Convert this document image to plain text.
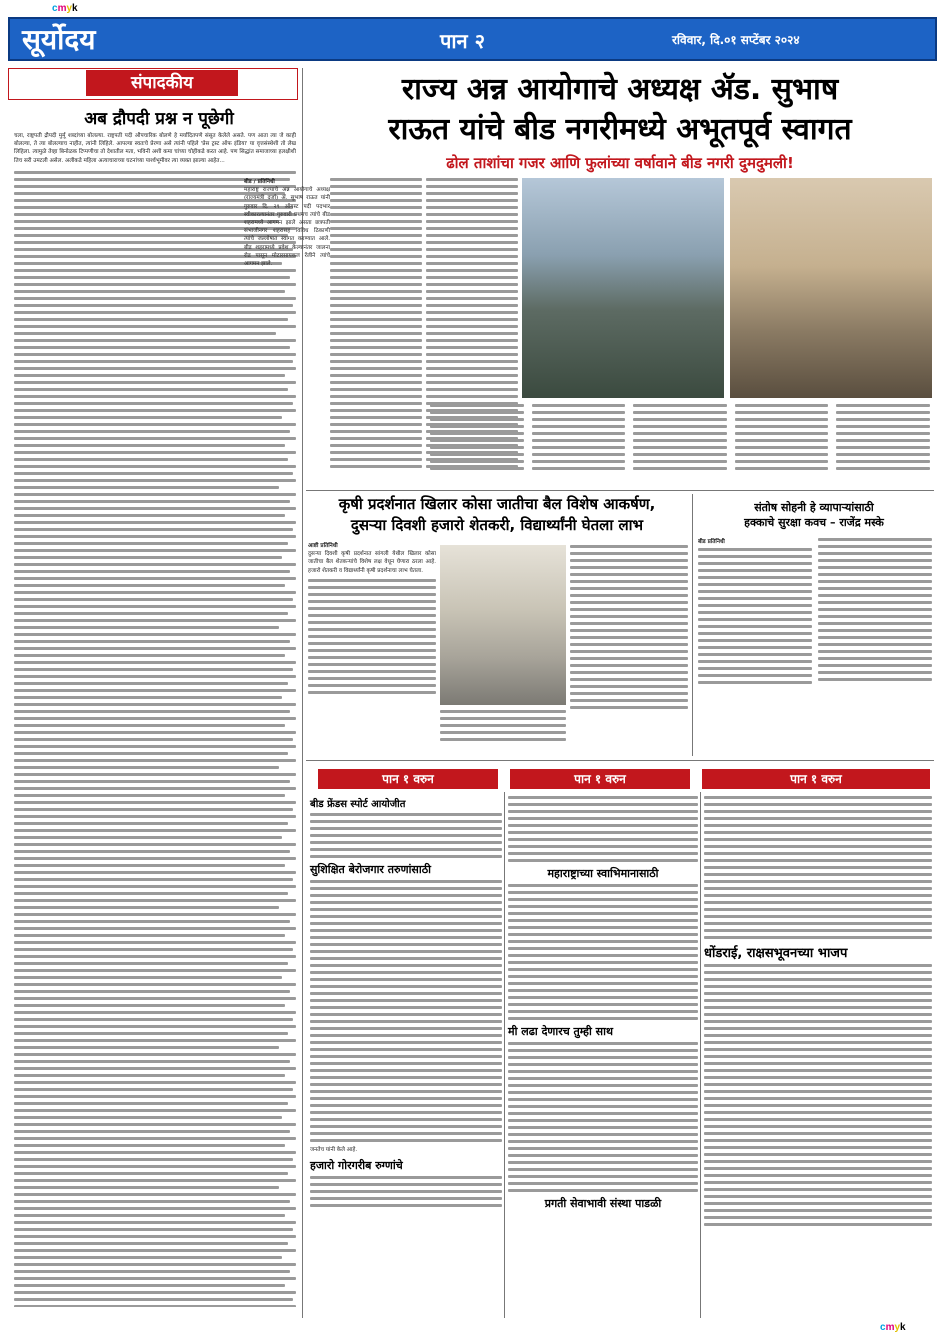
cmyk
सूर्योदय	पान २	रविवार, दि.०१ सप्टेंबर २०२४
संपादकीय
अब द्रौपदी प्रश्न न पूछेगी

चला, राष्ट्रपती द्रौपदी मुर्मू शब्दांच्या बोलल्या. राष्ट्रपती पदी औपचारिक बोलणे हे मर्यादितपणे संसूत केलेले असते. पण आता त्या जे काही बोलल्या, ते त्या बोलल्याच नाहीत, त्यांनी लिहिले. आपल्या स्वतःचे प्रेरणा असे त्यांनी पहिले 'प्रेस ट्रस्ट ऑफ इंडिया' या वृत्तसंस्थेशी तो लेख लिहिला. त्यामुळे तेव्हा बिनोळक टिप्पणीचा तो देशातील मता, भविनी अशी कमा चांच्या चोहीकडे करत आहे. पण सिद्धांत समाजाच्या हलक्षीशी तिच सरी उमटली असेल. अलीकडे महिला अत्याचाराच्या घटनांच्या पार्श्वभूमीवर त्या व्यक्त झाल्या आहेत...

राज्य अन्न आयोगाचे अध्यक्ष ॲड. सुभाष
राऊत यांचे बीड नगरीमध्ये अभूतपूर्व स्वागत
ढोल ताशांचा गजर आणि फुलांच्या वर्षावाने बीड नगरी दुमदुमली!
बीड / प्रतिनिधी

महाराष्ट्र राज्याचे अन्न आयोगाचे अध्यक्ष (राज्यमंत्री दर्जा) ॲ. सुभाष राऊत यांनी गुरुवार दि. २९ ऑगस्ट पदी पदभार स्वीकारल्यानंतर गुरुवारी प्रथमच त्यांचे बीड शहरामध्ये आगमन झाले असता छत्रपती संभाजीनगर शहरासह विविध ठिकाणी त्यांचे जल्लोषात स्वागत करण्यात आले. बीड शहरामध्ये प्रवेश केल्यानंतर जालना रोड पासून मोटारसायकल रॅलीने त्यांचे आगमन झाले.

कृषी प्रदर्शनात खिलार कोसा जातीचा बैल विशेष आकर्षण,
दुसऱ्या दिवशी हजारो शेतकरी, विद्यार्थ्यांनी घेतला लाभ
आष्टी प्रतिनिधी

दुसऱ्या दिवशी कृषी प्रदर्शनात सांगली येथील खिलार कोसा जातीचा बैल शेतकऱ्यांचे विशेष लक्ष वेधून घेणारा ठरला आहे. हजारो शेतकरी व विद्यार्थ्यांनी कृषी प्रदर्शनाचा लाभ घेतला.

संतोष सोहनी हे व्यापाऱ्यांसाठी
हक्काचे सुरक्षा कवच – राजेंद्र मस्के
बीड प्रतिनिधी
पान १ वरुन	पान १ वरुन	पान १ वरुन
बीड फ्रेंडस स्पोर्ट आयोजीत
सुशिक्षित बेरोजगार तरुणांसाठी
जनतेच यांनी केले आहे.
हजारो गोरगरीब रुग्णांचे
महाराष्ट्राच्या स्वाभिमानासाठी
मी लढा देणारच तुम्ही साथ
प्रगती सेवाभावी संस्था पाडळी
धोंडराई, राक्षसभूवनच्या भाजप
cmyk
